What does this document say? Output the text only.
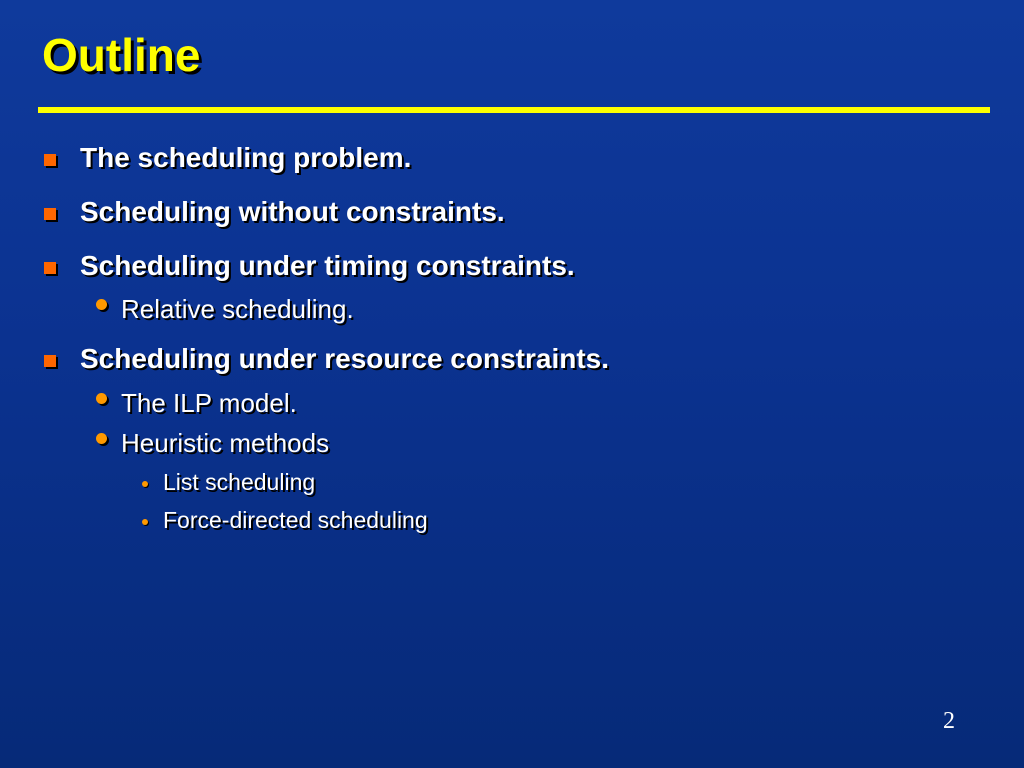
Outline
The scheduling problem.
Scheduling without constraints.
Scheduling under timing constraints.
Relative scheduling.
Scheduling under resource constraints.
The ILP model.
Heuristic methods
List scheduling
Force-directed scheduling
2
